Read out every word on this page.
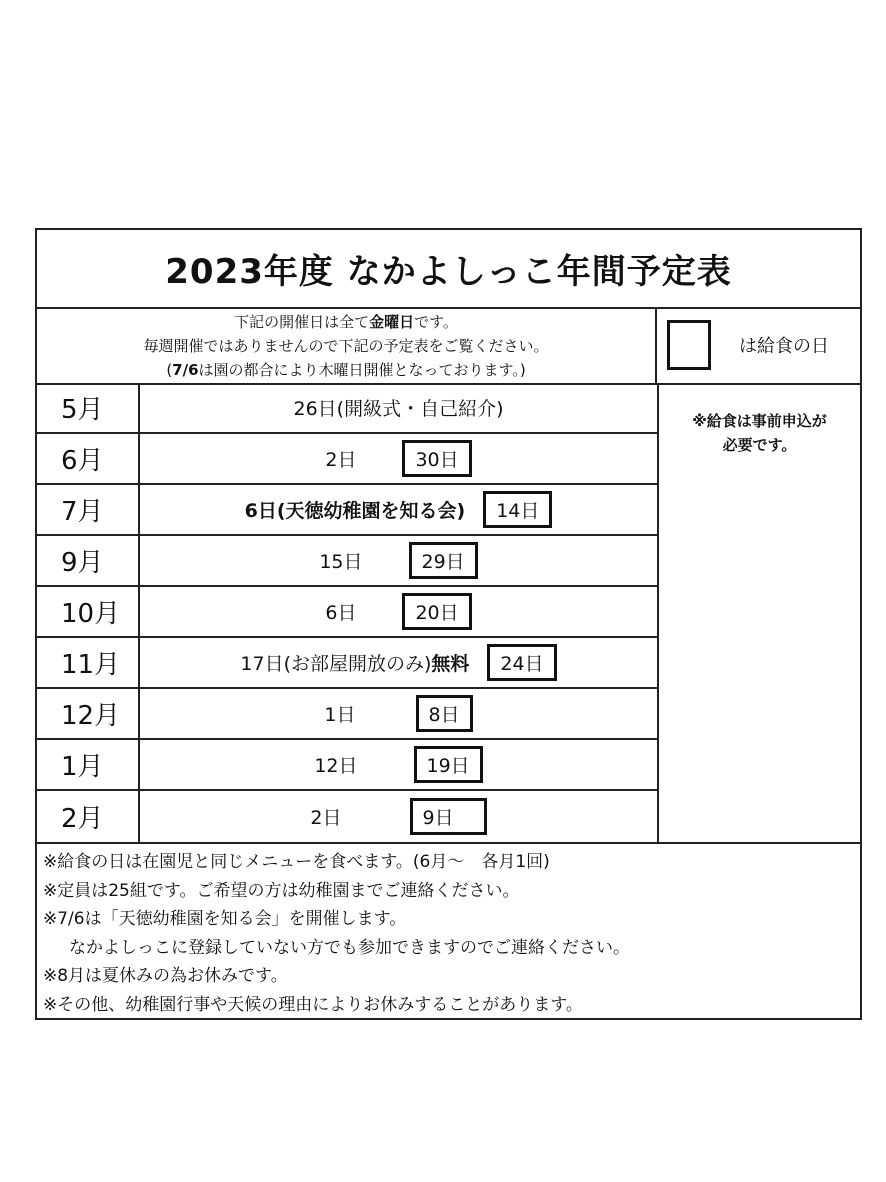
2023年度 なかよしっこ年間予定表
下記の開催日は全て金曜日です。
毎週開催ではありませんので下記の予定表をご覧ください。
(7/6は園の都合により木曜日開催となっております。)
は給食の日
5月	26日(開級式・自己紹介)
6月	2日	30日
7月	6日(天徳幼稚園を知る会)	14日
9月	15日	29日
10月	6日	20日
11月	17日(お部屋開放のみ) 無料	24日
12月	1日	8日
1月	12日	19日
2月	2日	9日
※給食は事前申込が
必要です。
※給食の日は在園児と同じメニューを食べます。(6月～　各月1回)
※定員は25組です。ご希望の方は幼稚園までご連絡ください。
※7/6は「天徳幼稚園を知る会」を開催します。
なかよしっこに登録していない方でも参加できますのでご連絡ください。
※8月は夏休みの為お休みです。
※その他、幼稚園行事や天候の理由によりお休みすることがあります。
